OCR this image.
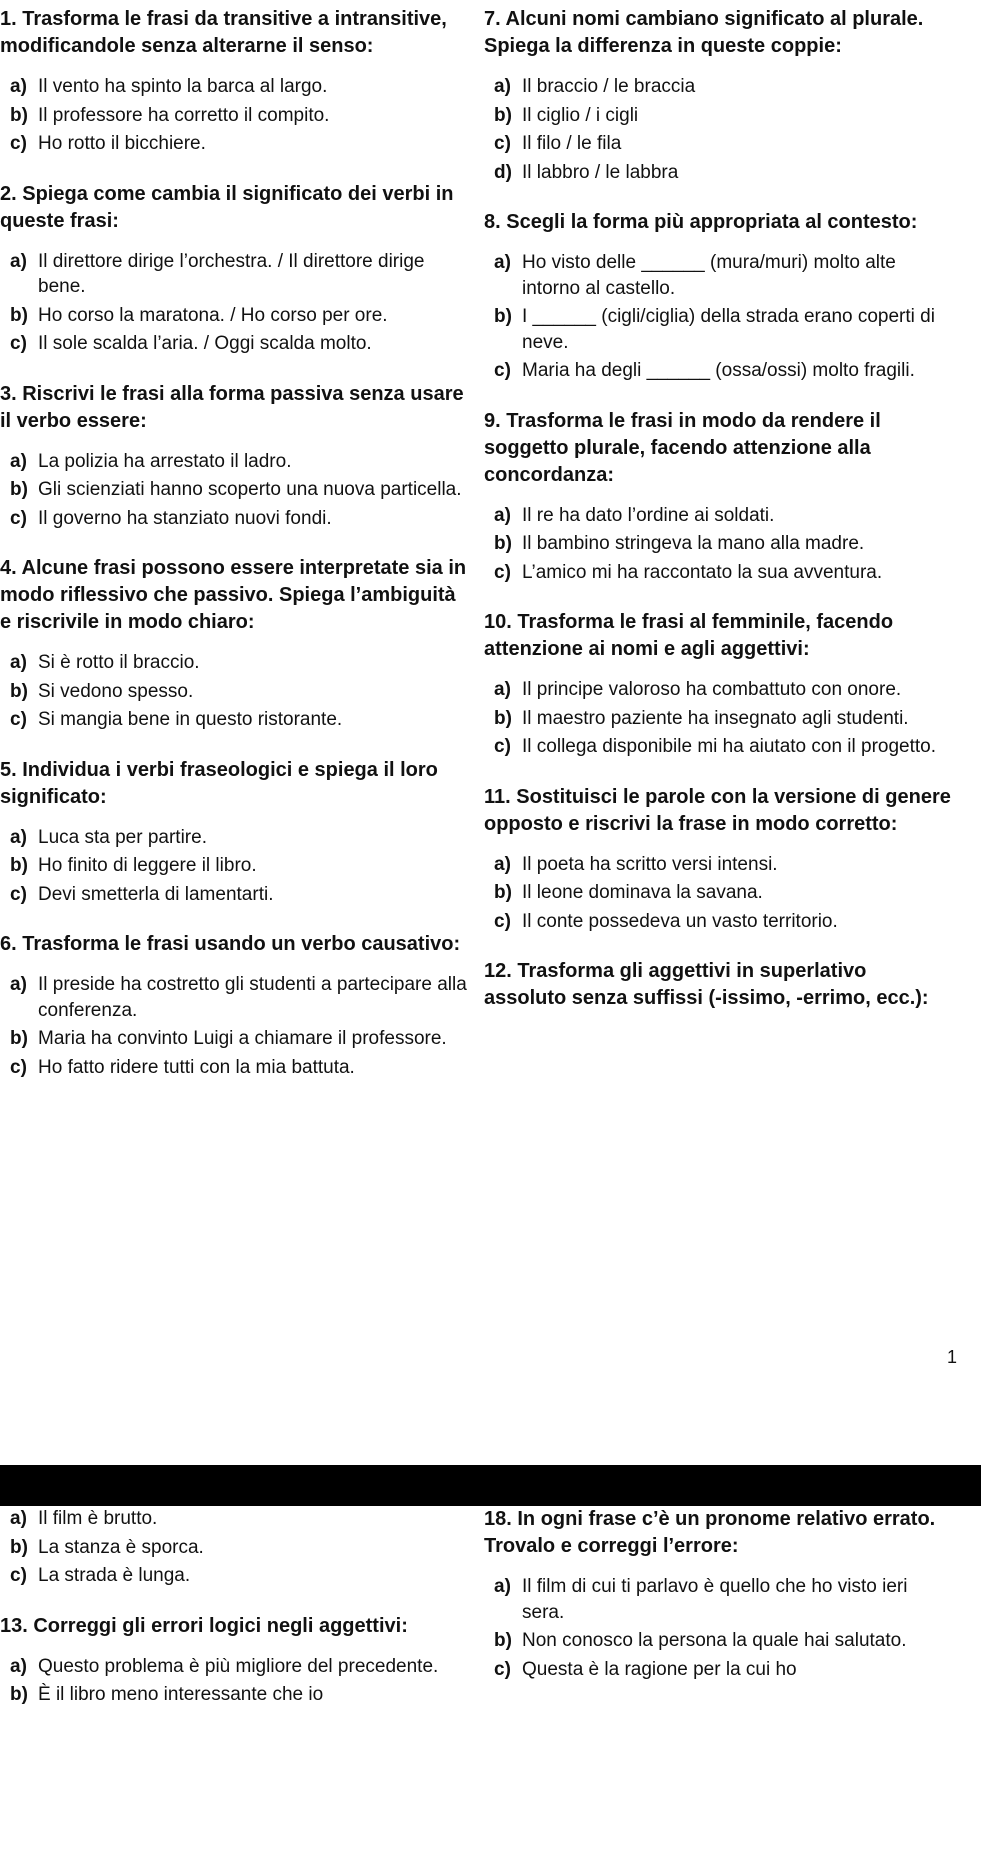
1. Trasforma le frasi da transitive a intransitive, modificandole senza alterarne il senso:
a) Il vento ha spinto la barca al largo.
b) Il professore ha corretto il compito.
c) Ho rotto il bicchiere.
2. Spiega come cambia il significato dei verbi in queste frasi:
a) Il direttore dirige l’orchestra. / Il direttore dirige bene.
b) Ho corso la maratona. / Ho corso per ore.
c) Il sole scalda l’aria. / Oggi scalda molto.
3. Riscrivi le frasi alla forma passiva senza usare il verbo essere:
a) La polizia ha arrestato il ladro.
b) Gli scienziati hanno scoperto una nuova particella.
c) Il governo ha stanziato nuovi fondi.
4. Alcune frasi possono essere interpretate sia in modo riflessivo che passivo. Spiega l’ambiguità e riscrivile in modo chiaro:
a) Si è rotto il braccio.
b) Si vedono spesso.
c) Si mangia bene in questo ristorante.
5. Individua i verbi fraseologici e spiega il loro significato:
a) Luca sta per partire.
b) Ho finito di leggere il libro.
c) Devi smetterla di lamentarti.
6. Trasforma le frasi usando un verbo causativo:
a) Il preside ha costretto gli studenti a partecipare alla conferenza.
b) Maria ha convinto Luigi a chiamare il professore.
c) Ho fatto ridere tutti con la mia battuta.
7. Alcuni nomi cambiano significato al plurale. Spiega la differenza in queste coppie:
a) Il braccio / le braccia
b) Il ciglio / i cigli
c) Il filo / le fila
d) Il labbro / le labbra
8. Scegli la forma più appropriata al contesto:
a) Ho visto delle ______ (mura/muri) molto alte intorno al castello.
b) I ______ (cigli/ciglia) della strada erano coperti di neve.
c) Maria ha degli ______ (ossa/ossi) molto fragili.
9. Trasforma le frasi in modo da rendere il soggetto plurale, facendo attenzione alla concordanza:
a) Il re ha dato l’ordine ai soldati.
b) Il bambino stringeva la mano alla madre.
c) L’amico mi ha raccontato la sua avventura.
10. Trasforma le frasi al femminile, facendo attenzione ai nomi e agli aggettivi:
a) Il principe valoroso ha combattuto con onore.
b) Il maestro paziente ha insegnato agli studenti.
c) Il collega disponibile mi ha aiutato con il progetto.
11. Sostituisci le parole con la versione di genere opposto e riscrivi la frase in modo corretto:
a) Il poeta ha scritto versi intensi.
b) Il leone dominava la savana.
c) Il conte possedeva un vasto territorio.
12. Trasforma gli aggettivi in superlativo assoluto senza suffissi (-issimo, -errimo, ecc.):
1
a) Il film è brutto.
b) La stanza è sporca.
c) La strada è lunga.
13. Correggi gli errori logici negli aggettivi:
a) Questo problema è più migliore del precedente.
b) È il libro meno interessante che io
18. In ogni frase c’è un pronome relativo errato. Trovalo e correggi l’errore:
a) Il film di cui ti parlavo è quello che ho visto ieri sera.
b) Non conosco la persona la quale hai salutato.
c) Questa è la ragione per la cui ho
